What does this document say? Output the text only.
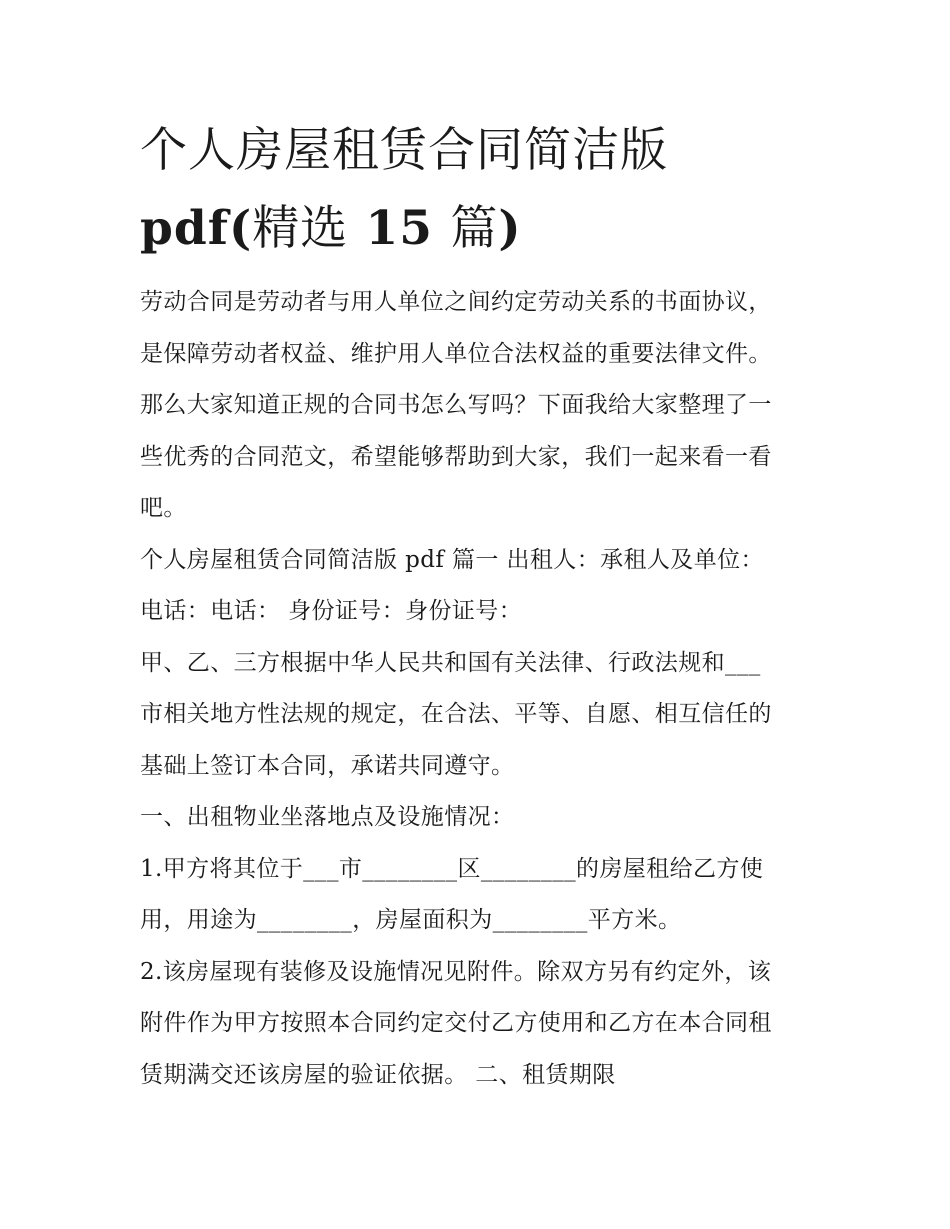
个人房屋租赁合同简洁版
pdf(精选 15 篇)
劳动合同是劳动者与用人单位之间约定劳动关系的书面协议，
是保障劳动者权益、维护用人单位合法权益的重要法律文件。
那么大家知道正规的合同书怎么写吗？下面我给大家整理了一
些优秀的合同范文，希望能够帮助到大家，我们一起来看一看
吧。
个人房屋租赁合同简洁版 pdf 篇一 出租人：承租人及单位：
电话：电话： 身份证号：身份证号：
甲、乙、三方根据中华人民共和国有关法律、行政法规和___
市相关地方性法规的规定，在合法、平等、自愿、相互信任的
基础上签订本合同，承诺共同遵守。
一、出租物业坐落地点及设施情况：
1.甲方将其位于___市________区________的房屋租给乙方使
用，用途为________，房屋面积为________平方米。
2.该房屋现有装修及设施情况见附件。除双方另有约定外，该
附件作为甲方按照本合同约定交付乙方使用和乙方在本合同租
赁期满交还该房屋的验证依据。 二、租赁期限
